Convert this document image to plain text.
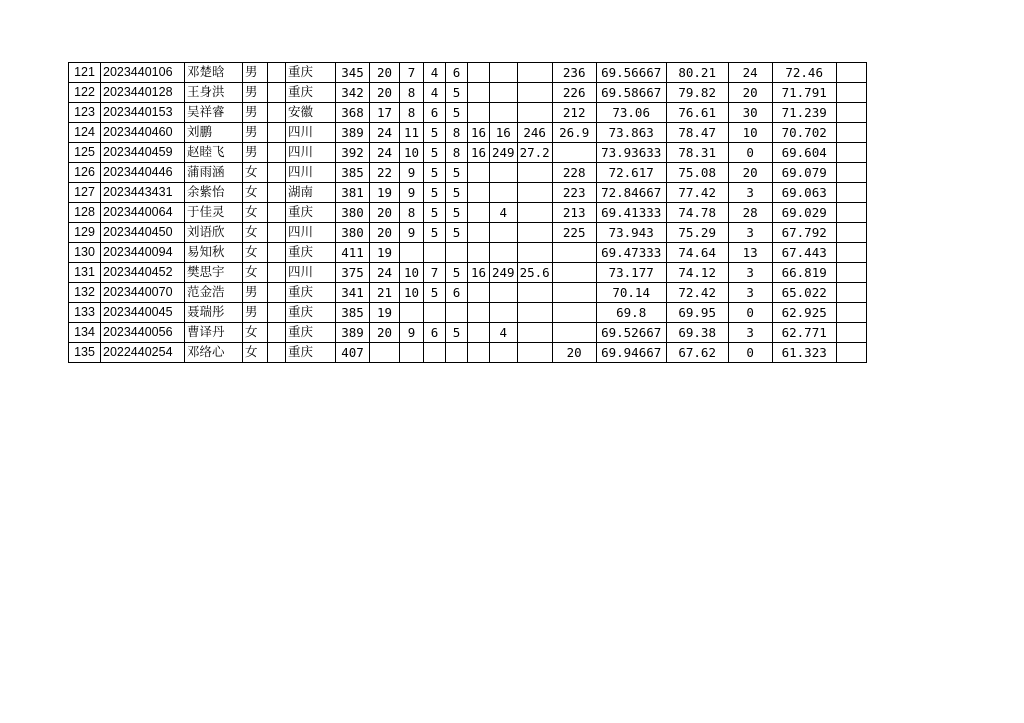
121	2023440106	邓楚晗	男		重庆	345	20	7	4	6				236	69.56667	80.21	24	72.46	
122	2023440128	王身洪	男		重庆	342	20	8	4	5				226	69.58667	79.82	20	71.791	
123	2023440153	吴祥睿	男		安徽	368	17	8	6	5				212	73.06	76.61	30	71.239	
124	2023440460	刘鹏	男		四川	389	24	11	5	8	16	16	246	26.9	73.863	78.47	10	70.702	
125	2023440459	赵睦飞	男		四川	392	24	10	5	8	16	249	27.2		73.93633	78.31	0	69.604	
126	2023440446	蒲雨涵	女		四川	385	22	9	5	5				228	72.617	75.08	20	69.079	
127	2023443431	余紫怡	女		湖南	381	19	9	5	5				223	72.84667	77.42	3	69.063	
128	2023440064	于佳灵	女		重庆	380	20	8	5	5		4		213	69.41333	74.78	28	69.029	
129	2023440450	刘语欣	女		四川	380	20	9	5	5				225	73.943	75.29	3	67.792	
130	2023440094	易知秋	女		重庆	411	19								69.47333	74.64	13	67.443	
131	2023440452	樊思宇	女		四川	375	24	10	7	5	16	249	25.6		73.177	74.12	3	66.819	
132	2023440070	范金浩	男		重庆	341	21	10	5	6					70.14	72.42	3	65.022	
133	2023440045	聂瑞彤	男		重庆	385	19								69.8	69.95	0	62.925	
134	2023440056	曹译丹	女		重庆	389	20	9	6	5		4			69.52667	69.38	3	62.771	
135	2022440254	邓络心	女		重庆	407								20	69.94667	67.62	0	61.323	
